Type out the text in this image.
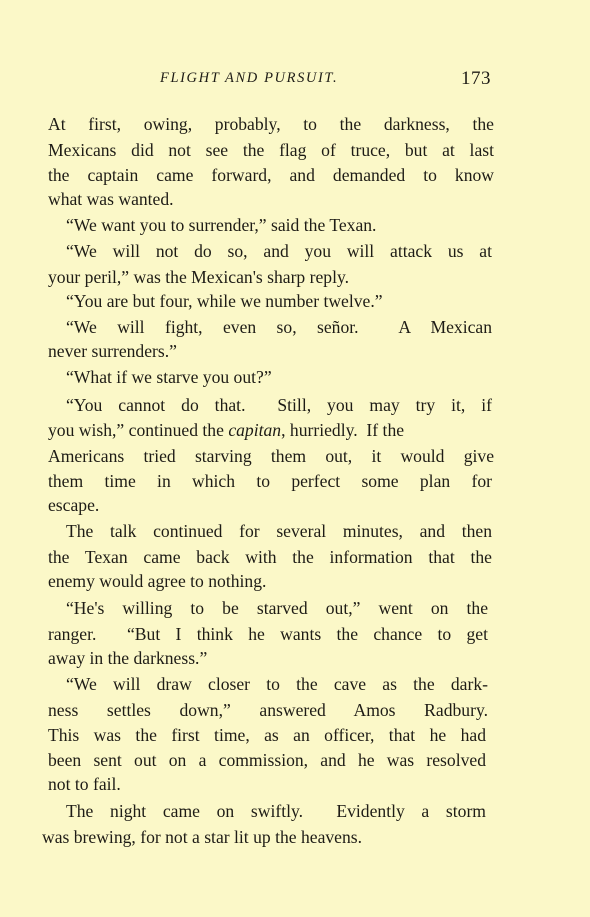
FLIGHT AND PURSUIT.	173
At first, owing, probably, to the darkness, the
Mexicans did not see the flag of truce, but at last
the captain came forward, and demanded to know
what was wanted.
“We want you to surrender,” said the Texan.
“We will not do so, and you will attack us at
your peril,” was the Mexican's sharp reply.
“You are but four, while we number twelve.”
“We will fight, even so, señor.  A Mexican
never surrenders.”
“What if we starve you out?”
“You cannot do that.  Still, you may try it, if
you wish,” continued the capitan, hurriedly.  If the
Americans tried starving them out, it would give
them time in which to perfect some plan for
escape.
The talk continued for several minutes, and then
the Texan came back with the information that the
enemy would agree to nothing.
“He's willing to be starved out,” went on the
ranger.  “But I think he wants the chance to get
away in the darkness.”
“We will draw closer to the cave as the dark-
ness settles down,” answered Amos Radbury.
This was the first time, as an officer, that he had
been sent out on a commission, and he was resolved
not to fail.
The night came on swiftly.  Evidently a storm
was brewing, for not a star lit up the heavens.
